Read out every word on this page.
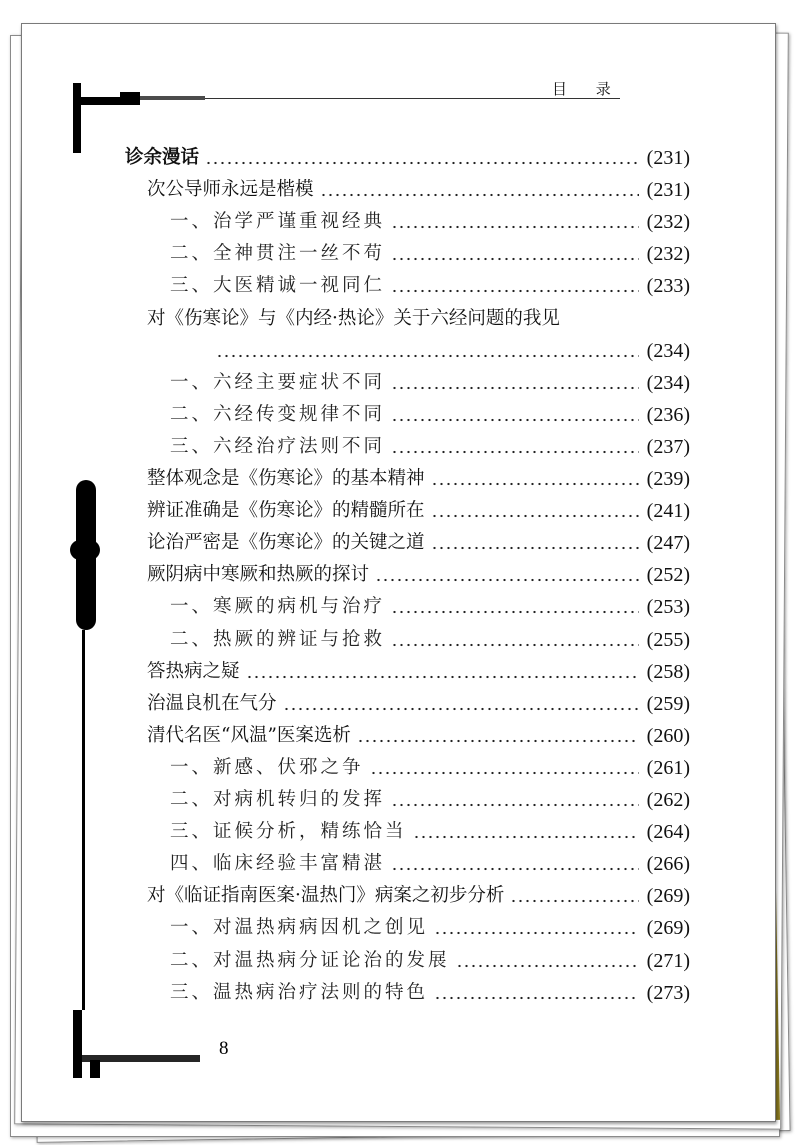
目 录
诊余漫话	(231)
次公导师永远是楷模	(231)
一、治学严谨重视经典	(232)
二、全神贯注一丝不苟	(232)
三、大医精诚一视同仁	(233)
对《伤寒论》与《内经·热论》关于六经问题的我见
(234)
一、六经主要症状不同	(234)
二、六经传变规律不同	(236)
三、六经治疗法则不同	(237)
整体观念是《伤寒论》的基本精神	(239)
辨证准确是《伤寒论》的精髓所在	(241)
论治严密是《伤寒论》的关键之道	(247)
厥阴病中寒厥和热厥的探讨	(252)
一、寒厥的病机与治疗	(253)
二、热厥的辨证与抢救	(255)
答热病之疑	(258)
治温良机在气分	(259)
清代名医“风温”医案选析	(260)
一、新感、伏邪之争	(261)
二、对病机转归的发挥	(262)
三、证候分析，精练恰当	(264)
四、临床经验丰富精湛	(266)
对《临证指南医案·温热门》病案之初步分析	(269)
一、对温热病病因机之创见	(269)
二、对温热病分证论治的发展	(271)
三、温热病治疗法则的特色	(273)
8
